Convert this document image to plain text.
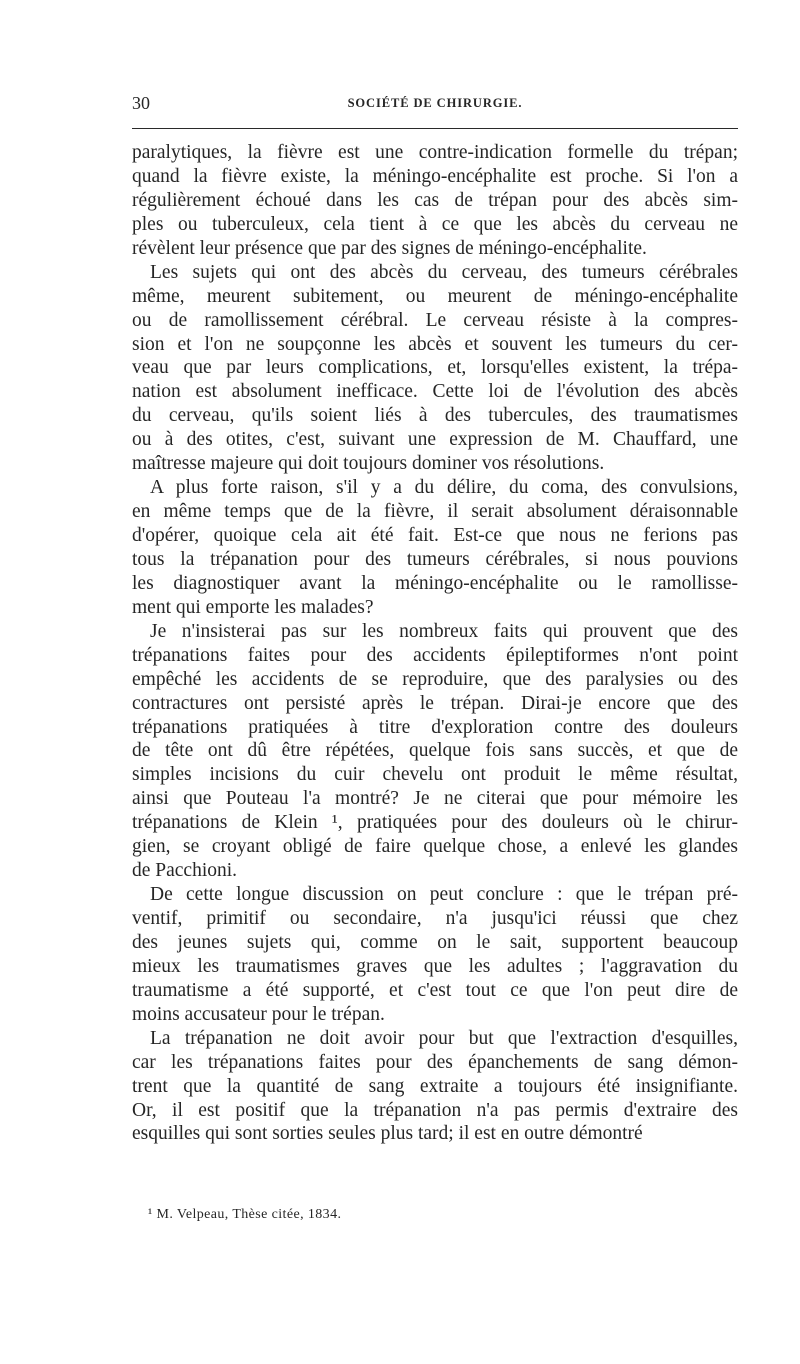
30	SOCIÉTÉ DE CHIRURGIE.
paralytiques, la fièvre est une contre-indication formelle du trépan;
quand la fièvre existe, la méningo-encéphalite est proche. Si l'on a
régulièrement échoué dans les cas de trépan pour des abcès sim-
ples ou tuberculeux, cela tient à ce que les abcès du cerveau ne
révèlent leur présence que par des signes de méningo-encéphalite.
Les sujets qui ont des abcès du cerveau, des tumeurs cérébrales
même, meurent subitement, ou meurent de méningo-encéphalite
ou de ramollissement cérébral. Le cerveau résiste à la compres-
sion et l'on ne soupçonne les abcès et souvent les tumeurs du cer-
veau que par leurs complications, et, lorsqu'elles existent, la trépa-
nation est absolument inefficace. Cette loi de l'évolution des abcès
du cerveau, qu'ils soient liés à des tubercules, des traumatismes
ou à des otites, c'est, suivant une expression de M. Chauffard, une
maîtresse majeure qui doit toujours dominer vos résolutions.
A plus forte raison, s'il y a du délire, du coma, des convulsions,
en même temps que de la fièvre, il serait absolument déraisonnable
d'opérer, quoique cela ait été fait. Est-ce que nous ne ferions pas
tous la trépanation pour des tumeurs cérébrales, si nous pouvions
les diagnostiquer avant la méningo-encéphalite ou le ramollisse-
ment qui emporte les malades?
Je n'insisterai pas sur les nombreux faits qui prouvent que des
trépanations faites pour des accidents épileptiformes n'ont point
empêché les accidents de se reproduire, que des paralysies ou des
contractures ont persisté après le trépan. Dirai-je encore que des
trépanations pratiquées à titre d'exploration contre des douleurs
de tête ont dû être répétées, quelque fois sans succès, et que de
simples incisions du cuir chevelu ont produit le même résultat,
ainsi que Pouteau l'a montré? Je ne citerai que pour mémoire les
trépanations de Klein ¹, pratiquées pour des douleurs où le chirur-
gien, se croyant obligé de faire quelque chose, a enlevé les glandes
de Pacchioni.
De cette longue discussion on peut conclure : que le trépan pré-
ventif, primitif ou secondaire, n'a jusqu'ici réussi que chez
des jeunes sujets qui, comme on le sait, supportent beaucoup
mieux les traumatismes graves que les adultes ; l'aggravation du
traumatisme a été supporté, et c'est tout ce que l'on peut dire de
moins accusateur pour le trépan.
La trépanation ne doit avoir pour but que l'extraction d'esquilles,
car les trépanations faites pour des épanchements de sang démon-
trent que la quantité de sang extraite a toujours été insignifiante.
Or, il est positif que la trépanation n'a pas permis d'extraire des
esquilles qui sont sorties seules plus tard; il est en outre démontré
¹ M. Velpeau, Thèse citée, 1834.
